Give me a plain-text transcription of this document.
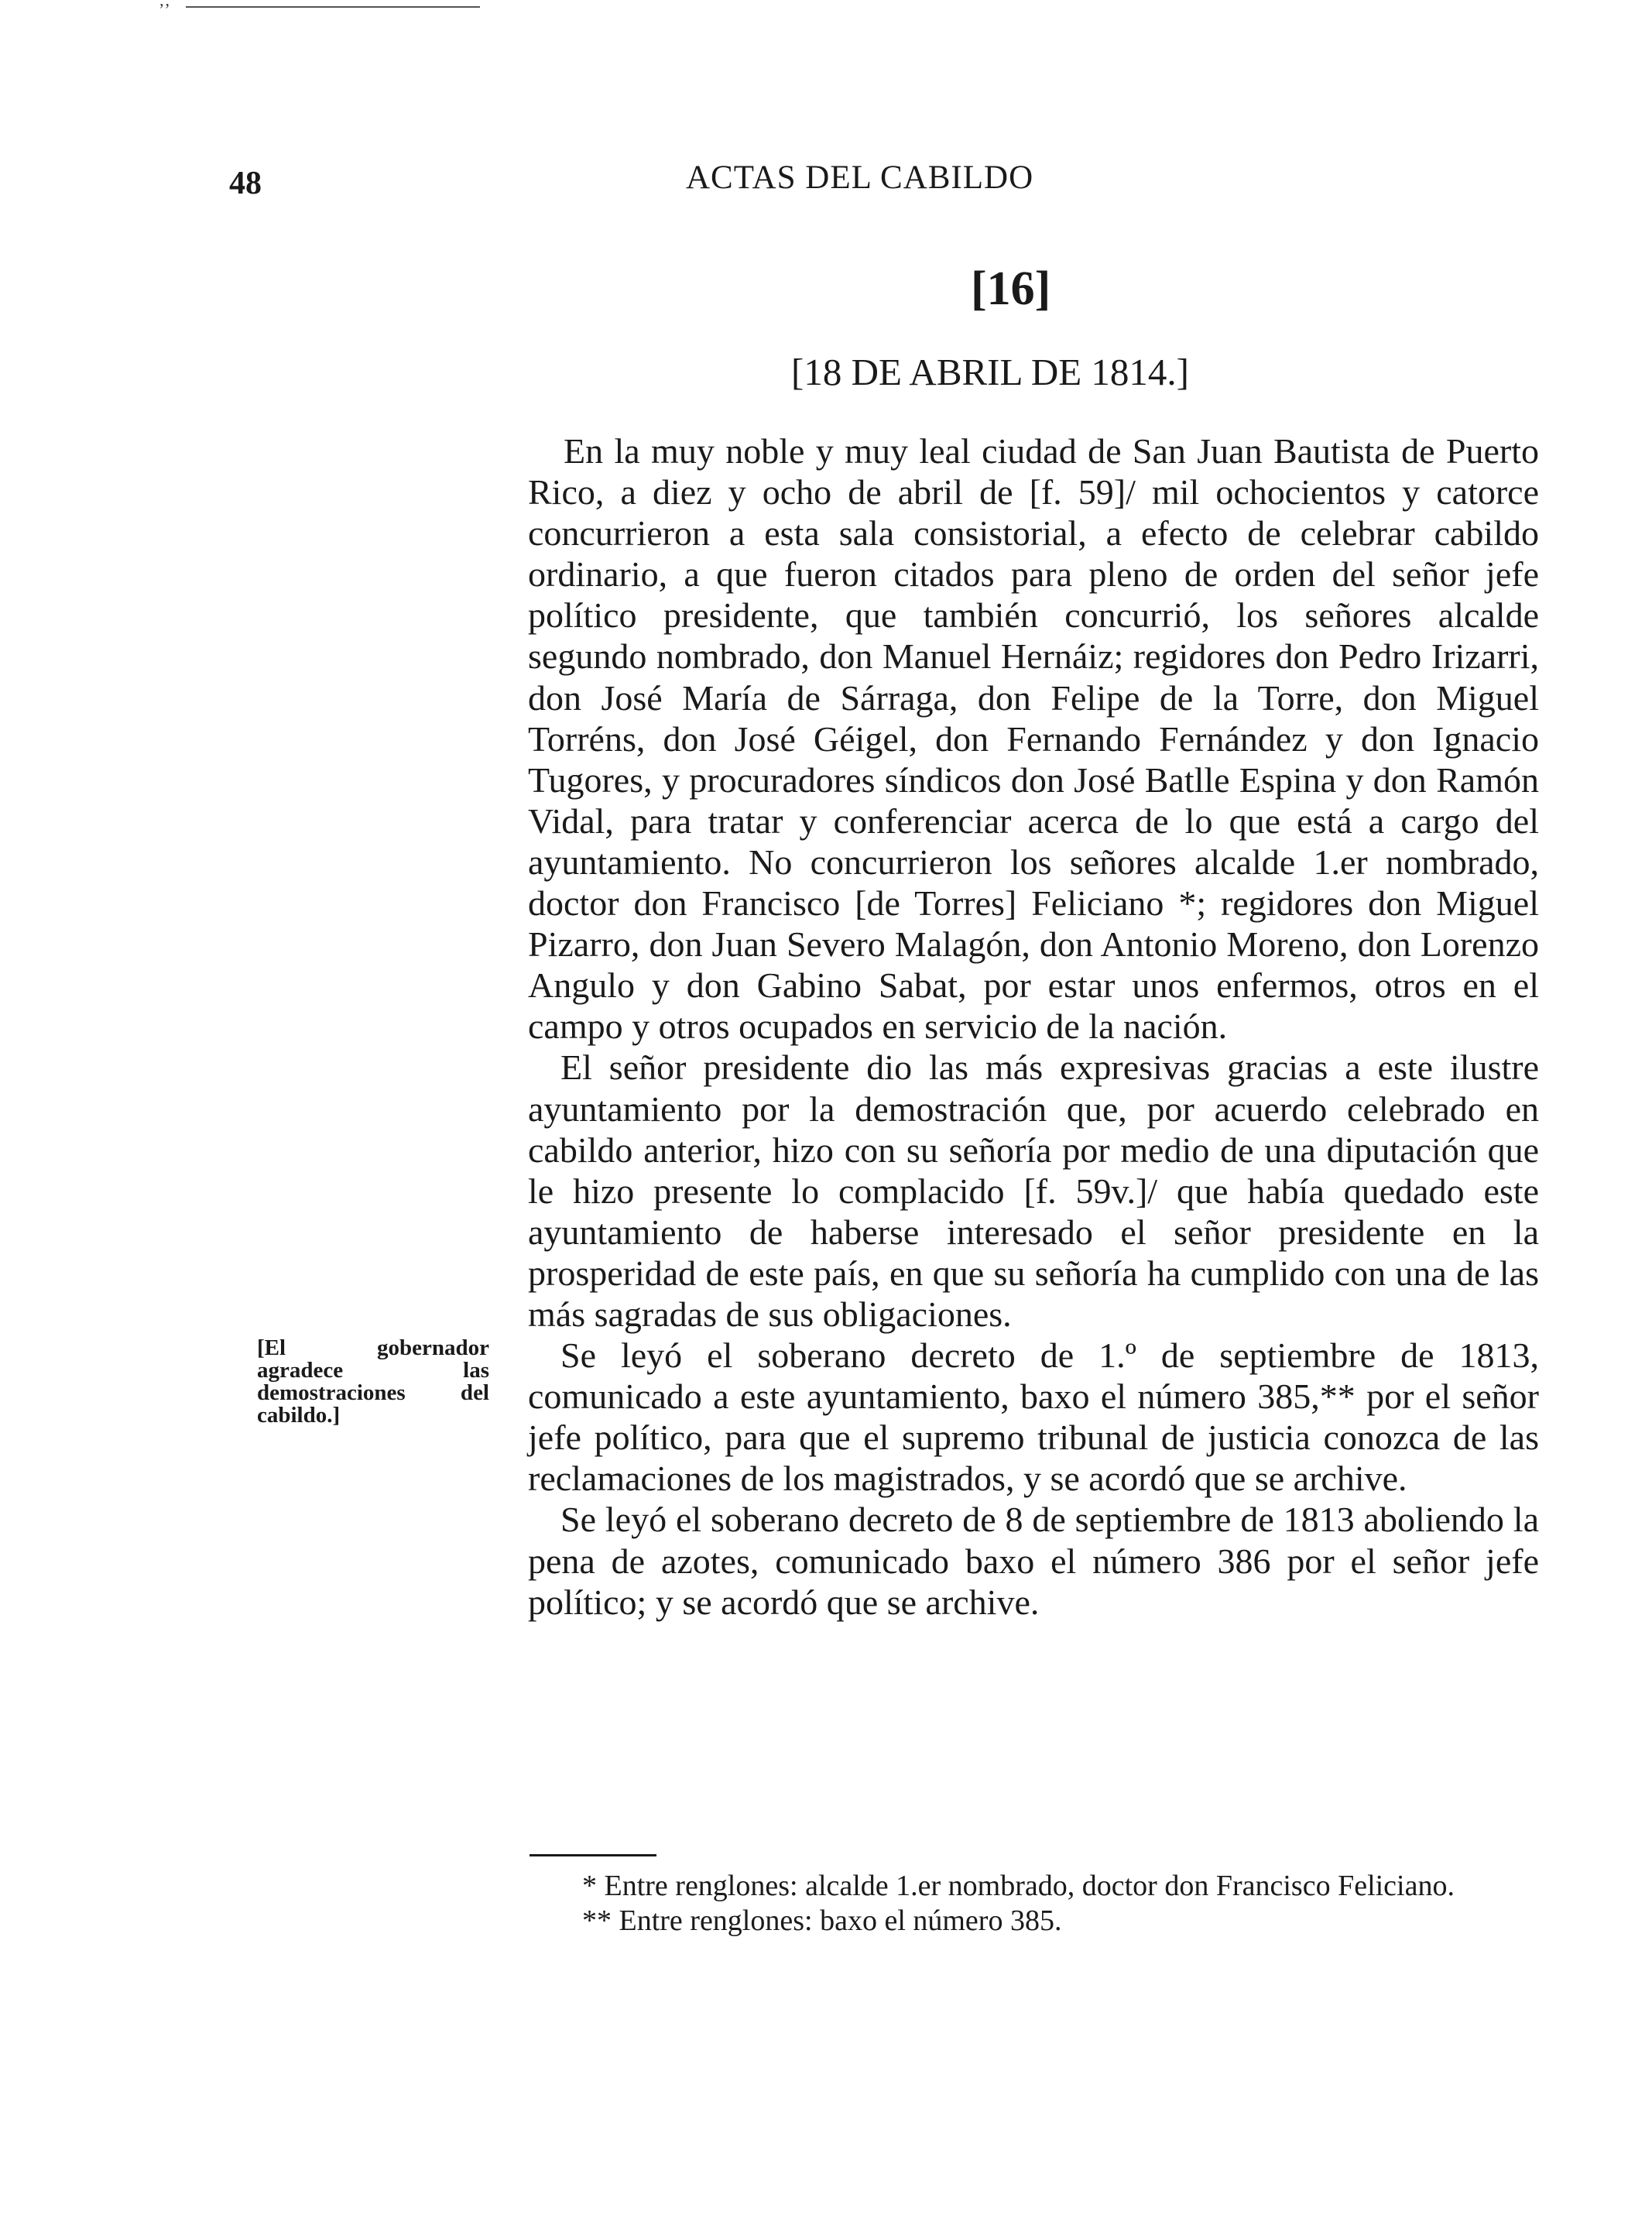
ʼʼ
48	ACTAS DEL CABILDO
[16]
[18 DE ABRIL DE 1814.]
[El gobernador agradece las demostraciones del cabildo.]

En la muy noble y muy leal ciudad de San Juan Bautista de Puerto Rico, a diez y ocho de abril de [f. 59]/ mil ochocientos y catorce concurrieron a esta sala consistorial, a efecto de celebrar cabildo ordinario, a que fueron citados para pleno de orden del señor jefe político presidente, que también concurrió, los señores alcalde segundo nombrado, don Manuel Hernáiz; regidores don Pedro Irizarri, don José María de Sárraga, don Felipe de la Torre, don Miguel Torréns, don José Géigel, don Fernando Fernández y don Ignacio Tugores, y procuradores síndicos don José Batlle Espina y don Ramón Vidal, para tratar y conferenciar acerca de lo que está a cargo del ayuntamiento. No concurrieron los señores alcalde 1.er nombrado, doctor don Francisco [de Torres] Feliciano *; regidores don Miguel Pizarro, don Juan Severo Malagón, don Antonio Moreno, don Lorenzo Angulo y don Gabino Sabat, por estar unos enfermos, otros en el campo y otros ocupados en servicio de la nación.

El señor presidente dio las más expresivas gracias a este ilustre ayuntamiento por la demostración que, por acuerdo celebrado en cabildo anterior, hizo con su señoría por medio de una diputación que le hizo presente lo complacido [f. 59v.]/ que había quedado este ayuntamiento de haberse interesado el señor presidente en la prosperidad de este país, en que su señoría ha cumplido con una de las más sagradas de sus obligaciones.

Se leyó el soberano decreto de 1.º de septiembre de 1813, comunicado a este ayuntamiento, baxo el número 385,** por el señor jefe político, para que el supremo tribunal de justicia conozca de las reclamaciones de los magistrados, y se acordó que se archive.

Se leyó el soberano decreto de 8 de septiembre de 1813 aboliendo la pena de azotes, comunicado baxo el número 386 por el señor jefe político; y se acordó que se archive.

* Entre renglones: alcalde 1.er nombrado, doctor don Francisco Feliciano.

** Entre renglones: baxo el número 385.
